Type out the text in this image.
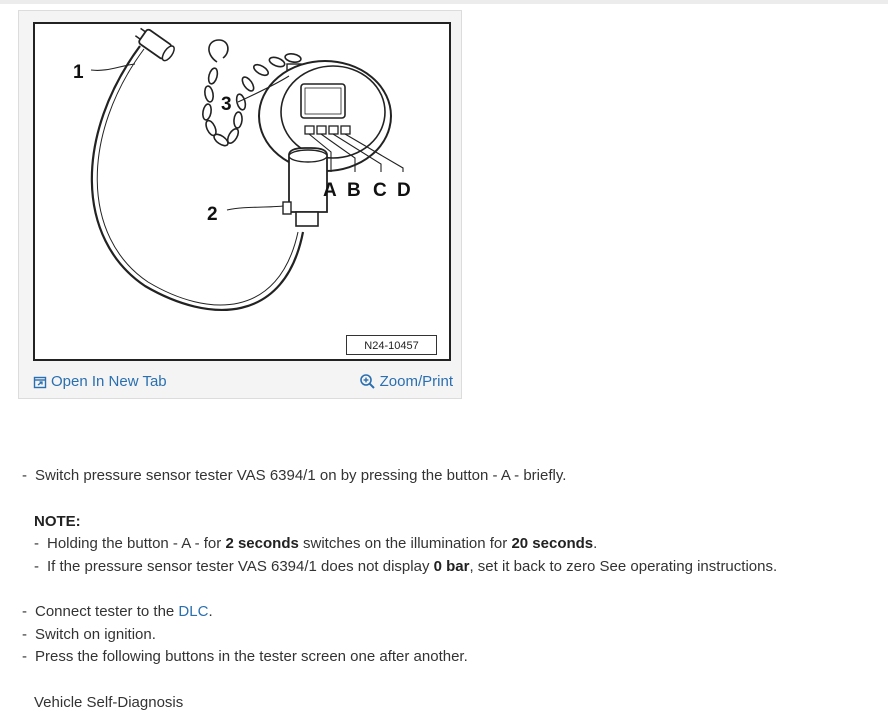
1
2
3
A B C D
N24-10457
Open In New Tab	Zoom/Print
- Switch pressure sensor tester VAS 6394/1 on by pressing the button - A - briefly.
NOTE:
- Holding the button - A - for 2 seconds switches on the illumination for 20 seconds.
- If the pressure sensor tester VAS 6394/1 does not display 0 bar, set it back to zero See operating instructions.
- Connect tester to the DLC.
- Switch on ignition.
- Press the following buttons in the tester screen one after another.
Vehicle Self-Diagnosis
